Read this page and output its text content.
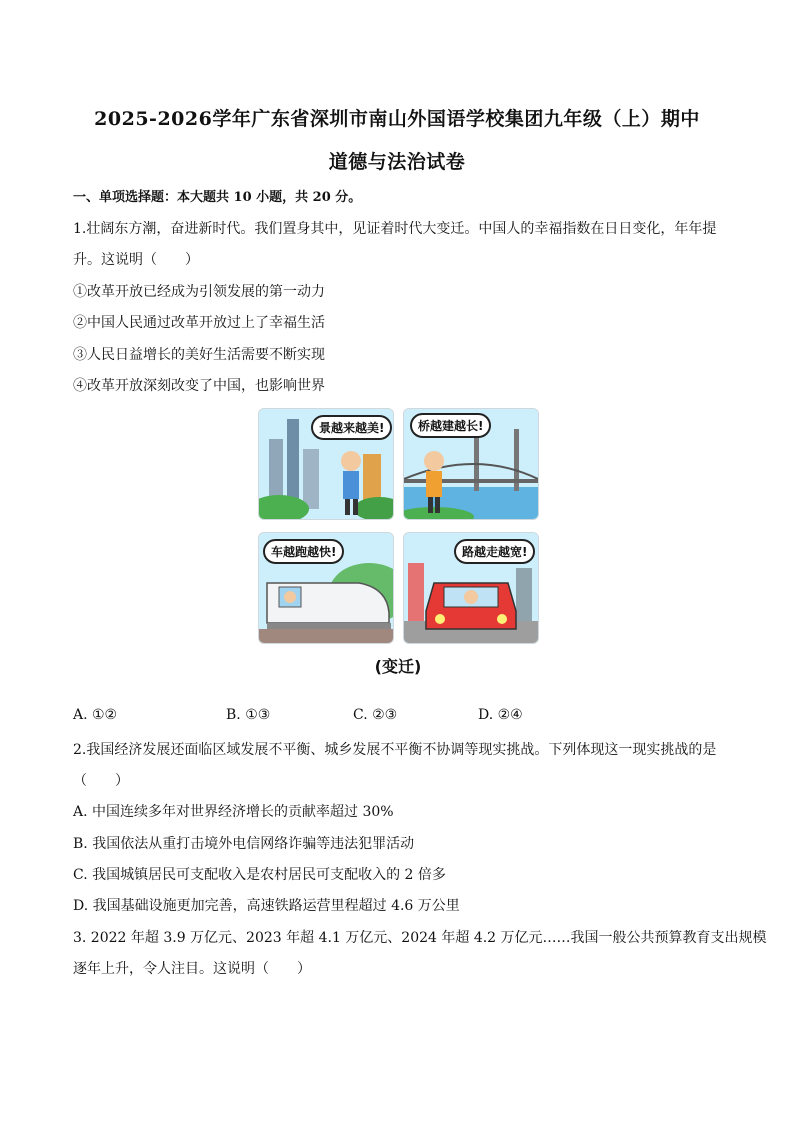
2025-2026学年广东省深圳市南山外国语学校集团九年级（上）期中
道德与法治试卷
一、单项选择题：本大题共 10 小题，共 20 分。
1.壮阔东方潮，奋进新时代。我们置身其中，见证着时代大变迁。中国人的幸福指数在日日变化，年年提
升。这说明（　　）
①改革开放已经成为引领发展的第一动力
②中国人民通过改革开放过上了幸福生活
③人民日益增长的美好生活需要不断实现
④改革开放深刻改变了中国，也影响世界
景越来越美!	桥越建越长!
车越跑越快!	路越走越宽!
(变迁)
A. ①②	B. ①③	C. ②③	D. ②④
2.我国经济发展还面临区域发展不平衡、城乡发展不平衡不协调等现实挑战。下列体现这一现实挑战的是
（　　）
A. 中国连续多年对世界经济增长的贡献率超过 30%
B. 我国依法从重打击境外电信网络诈骗等违法犯罪活动
C. 我国城镇居民可支配收入是农村居民可支配收入的 2 倍多
D. 我国基础设施更加完善，高速铁路运营里程超过 4.6 万公里
3. 2022 年超 3.9 万亿元、2023 年超 4.1 万亿元、2024 年超 4.2 万亿元……我国一般公共预算教育支出规模
逐年上升，令人注目。这说明（　　）
